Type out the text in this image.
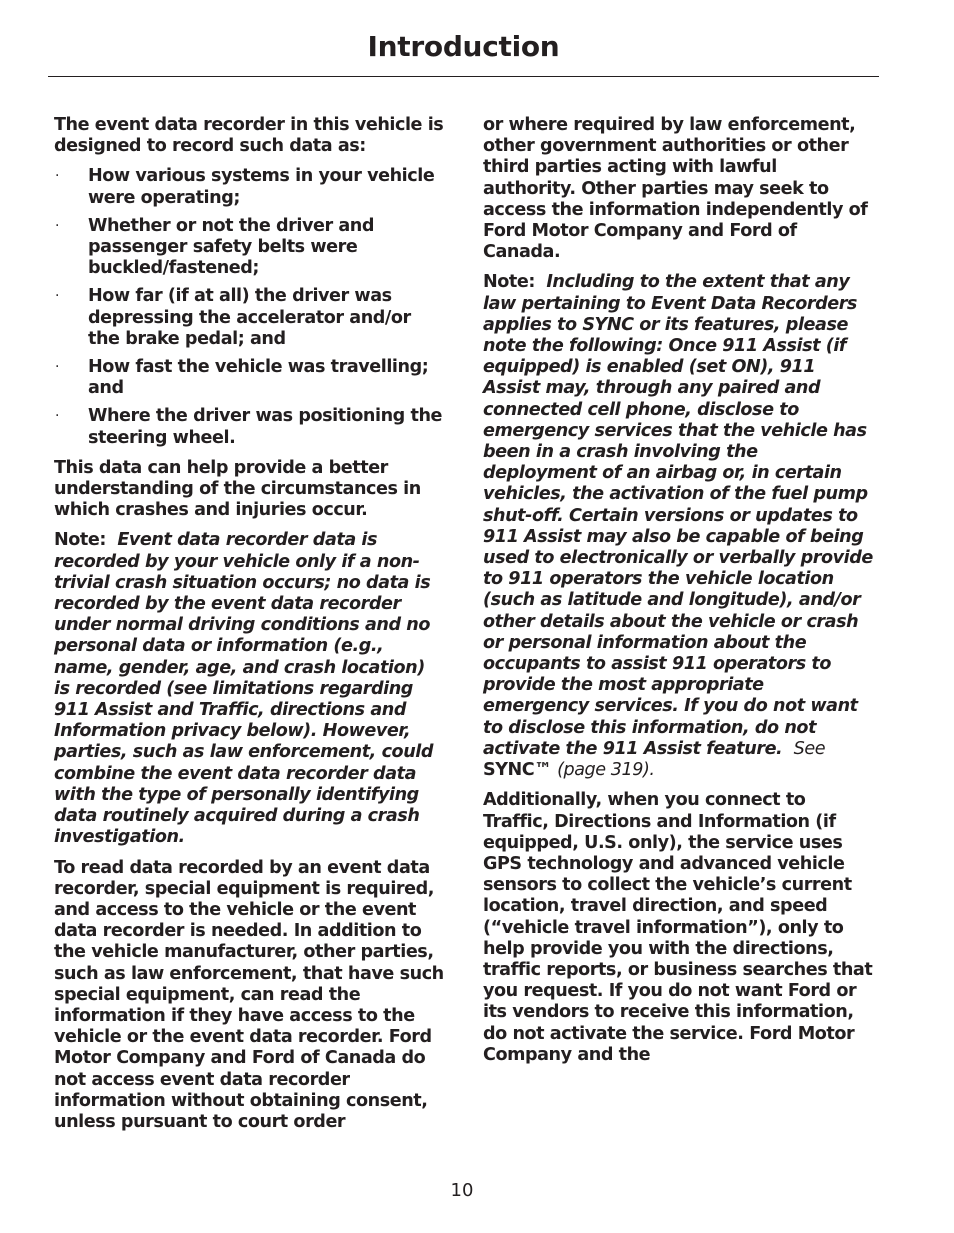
Introduction

The event data recorder in this vehicle is designed to record such data as:

· How various systems in your vehicle were operating;
· Whether or not the driver and passenger safety belts were buckled/fastened;
· How far (if at all) the driver was depressing the accelerator and/or the brake pedal; and
· How fast the vehicle was travelling; and
· Where the driver was positioning the steering wheel.

This data can help provide a better understanding of the circumstances in which crashes and injuries occur.

Note: Event data recorder data is recorded by your vehicle only if a non-trivial crash situation occurs; no data is recorded by the event data recorder under normal driving conditions and no personal data or information (e.g., name, gender, age, and crash location) is recorded (see limitations regarding 911 Assist and Traffic, directions and Information privacy below). However, parties, such as law enforcement, could combine the event data recorder data with the type of personally identifying data routinely acquired during a crash investigation.

To read data recorded by an event data recorder, special equipment is required, and access to the vehicle or the event data recorder is needed. In addition to the vehicle manufacturer, other parties, such as law enforcement, that have such special equipment, can read the information if they have access to the vehicle or the event data recorder. Ford Motor Company and Ford of Canada do not access event data recorder information without obtaining consent, unless pursuant to court order

or where required by law enforcement, other government authorities or other third parties acting with lawful authority. Other parties may seek to access the information independently of Ford Motor Company and Ford of Canada.

Note: Including to the extent that any law pertaining to Event Data Recorders applies to SYNC or its features, please note the following: Once 911 Assist (if equipped) is enabled (set ON), 911 Assist may, through any paired and connected cell phone, disclose to emergency services that the vehicle has been in a crash involving the deployment of an airbag or, in certain vehicles, the activation of the fuel pump shut-off. Certain versions or updates to 911 Assist may also be capable of being used to electronically or verbally provide to 911 operators the vehicle location (such as latitude and longitude), and/or other details about the vehicle or crash or personal information about the occupants to assist 911 operators to provide the most appropriate emergency services. If you do not want to disclose this information, do not activate the 911 Assist feature. See SYNC™ (page 319).

Additionally, when you connect to Traffic, Directions and Information (if equipped, U.S. only), the service uses GPS technology and advanced vehicle sensors to collect the vehicle’s current location, travel direction, and speed (“vehicle travel information”), only to help provide you with the directions, traffic reports, or business searches that you request. If you do not want Ford or its vendors to receive this information, do not activate the service. Ford Motor Company and the

10
